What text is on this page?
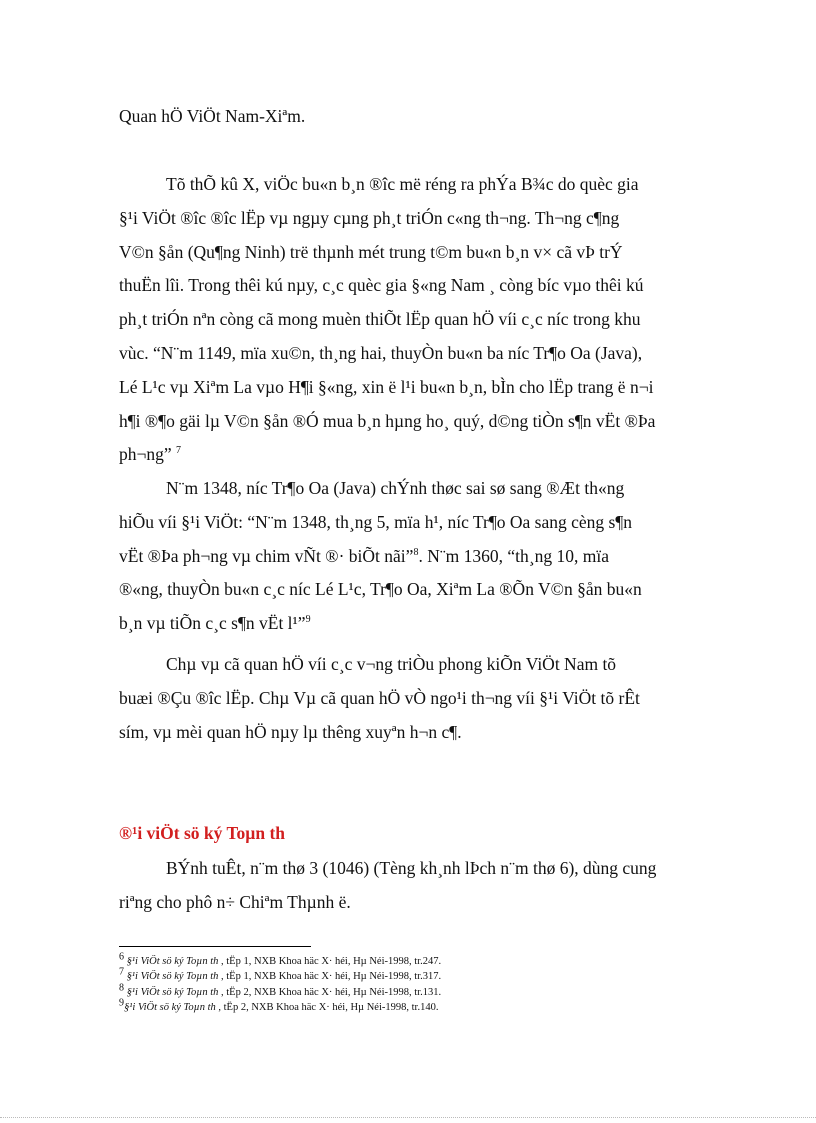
Quan hÖ ViÖt Nam-Xiªm.

Tõ thÕ kû X, viÖc bu«n b¸n ®îc më réng ra phÝa B¾c do quèc gia
§¹i ViÖt ®îc ®îc lËp vµ ngµy cµng ph¸t triÓn c«ng th¬ng. Th¬ng c¶ng
V©n §ån (Qu¶ng Ninh) trë thµnh mét trung t©m bu«n b¸n v× cã vÞ trÝ
thuËn lîi. Trong thêi kú nµy, c¸c quèc gia §«ng Nam ¸ còng bíc vµo thêi kú
ph¸t triÓn nªn còng cã mong muèn thiÕt lËp quan hÖ víi c¸c níc trong khu
vùc. “N¨m 1149, mïa xu©n, th¸ng hai, thuyÒn bu«n ba níc Tr¶o Oa (Java),
Lé L¹c vµ Xiªm La vµo H¶i §«ng, xin ë l¹i bu«n b¸n, bÌn cho lËp trang ë n¬i
h¶i ®¶o gäi lµ V©n §ån ®Ó mua b¸n hµng ho¸ quý, d©ng tiÒn s¶n vËt ®Þa
ph¬ng” $^7$

N¨m 1348, níc Tr¶o Oa (Java) chÝnh thøc sai sø sang ®Æt th«ng
hiÕu víi §¹i ViÖt: “N¨m 1348, th¸ng 5, mïa h¹, níc Tr¶o Oa sang cèng s¶n
vËt ®Þa ph¬ng vµ chim vÑt ®· biÕt nãi”$^8$. N¨m 1360, “th¸ng 10, mïa
®«ng, thuyÒn bu«n c¸c níc Lé L¹c, Tr¶o Oa, Xiªm La ®Õn V©n §ån bu«n
b¸n vµ tiÕn c¸c s¶n vËt l¹”$^9$

Chµ vµ cã quan hÖ víi c¸c v¬ng triÒu phong kiÕn ViÖt Nam tõ
buæi ®Çu ®îc lËp. Chµ Vµ cã quan hÖ vÒ ngo¹i th¬ng víi §¹i ViÖt tõ rÊt
sím, vµ mèi quan hÖ nµy lµ thêng xuyªn h¬n c¶.

®¹i viÖt sö ký Toµn th

BÝnh tuÊt, n¨m thø 3 (1046) (Tèng kh¸nh lÞch n¨m thø 6), dùng cung
riªng cho phô n÷ Chiªm Thµnh ë.

$^6$ §¹i ViÖt sö ký Toµn th , tËp 1, NXB Khoa häc X· héi, Hµ Néi-1998, tr.247.
$^7$ §¹i ViÖt sö ký Toµn th , tËp 1, NXB Khoa häc X· héi, Hµ Néi-1998, tr.317.
$^8$ §¹i ViÖt sö ký Toµn th , tËp 2, NXB Khoa häc X· héi, Hµ Néi-1998, tr.131.
$^9$§¹i ViÖt sö ký Toµn th , tËp 2, NXB Khoa häc X· héi, Hµ Néi-1998, tr.140.
